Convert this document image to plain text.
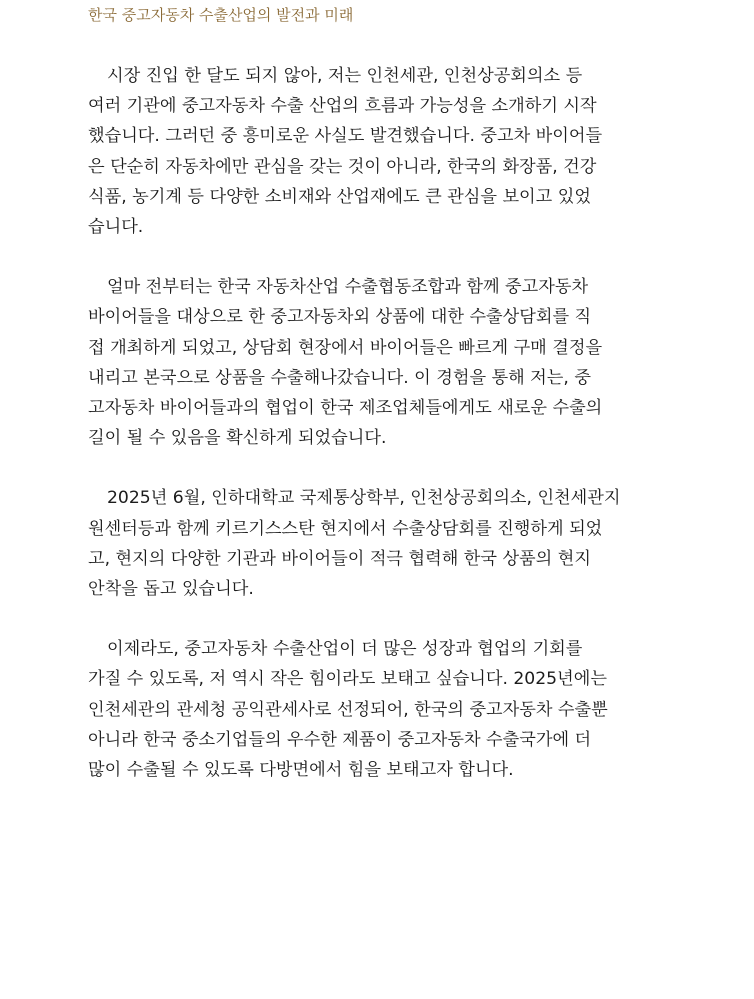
한국 중고자동차 수출산업의 발전과 미래

시장 진입 한 달도 되지 않아, 저는 인천세관, 인천상공회의소 등
여러 기관에 중고자동차 수출 산업의 흐름과 가능성을 소개하기 시작
했습니다. 그러던 중 흥미로운 사실도 발견했습니다. 중고차 바이어들
은 단순히 자동차에만 관심을 갖는 것이 아니라, 한국의 화장품, 건강
식품, 농기계 등 다양한 소비재와 산업재에도 큰 관심을 보이고 있었
습니다.

얼마 전부터는 한국 자동차산업 수출협동조합과 함께 중고자동차
바이어들을 대상으로 한 중고자동차외 상품에 대한 수출상담회를 직
접 개최하게 되었고, 상담회 현장에서 바이어들은 빠르게 구매 결정을
내리고 본국으로 상품을 수출해나갔습니다. 이 경험을 통해 저는, 중
고자동차 바이어들과의 협업이 한국 제조업체들에게도 새로운 수출의
길이 될 수 있음을 확신하게 되었습니다.

2025년 6월, 인하대학교 국제통상학부, 인천상공회의소, 인천세관지
원센터등과 함께 키르기스스탄 현지에서 수출상담회를 진행하게 되었
고, 현지의 다양한 기관과 바이어들이 적극 협력해 한국 상품의 현지
안착을 돕고 있습니다.

이제라도, 중고자동차 수출산업이 더 많은 성장과 협업의 기회를
가질 수 있도록, 저 역시 작은 힘이라도 보태고 싶습니다. 2025년에는
인천세관의 관세청 공익관세사로 선정되어, 한국의 중고자동차 수출뿐
아니라 한국 중소기업들의 우수한 제품이 중고자동차 수출국가에 더
많이 수출될 수 있도록 다방면에서 힘을 보태고자 합니다.
